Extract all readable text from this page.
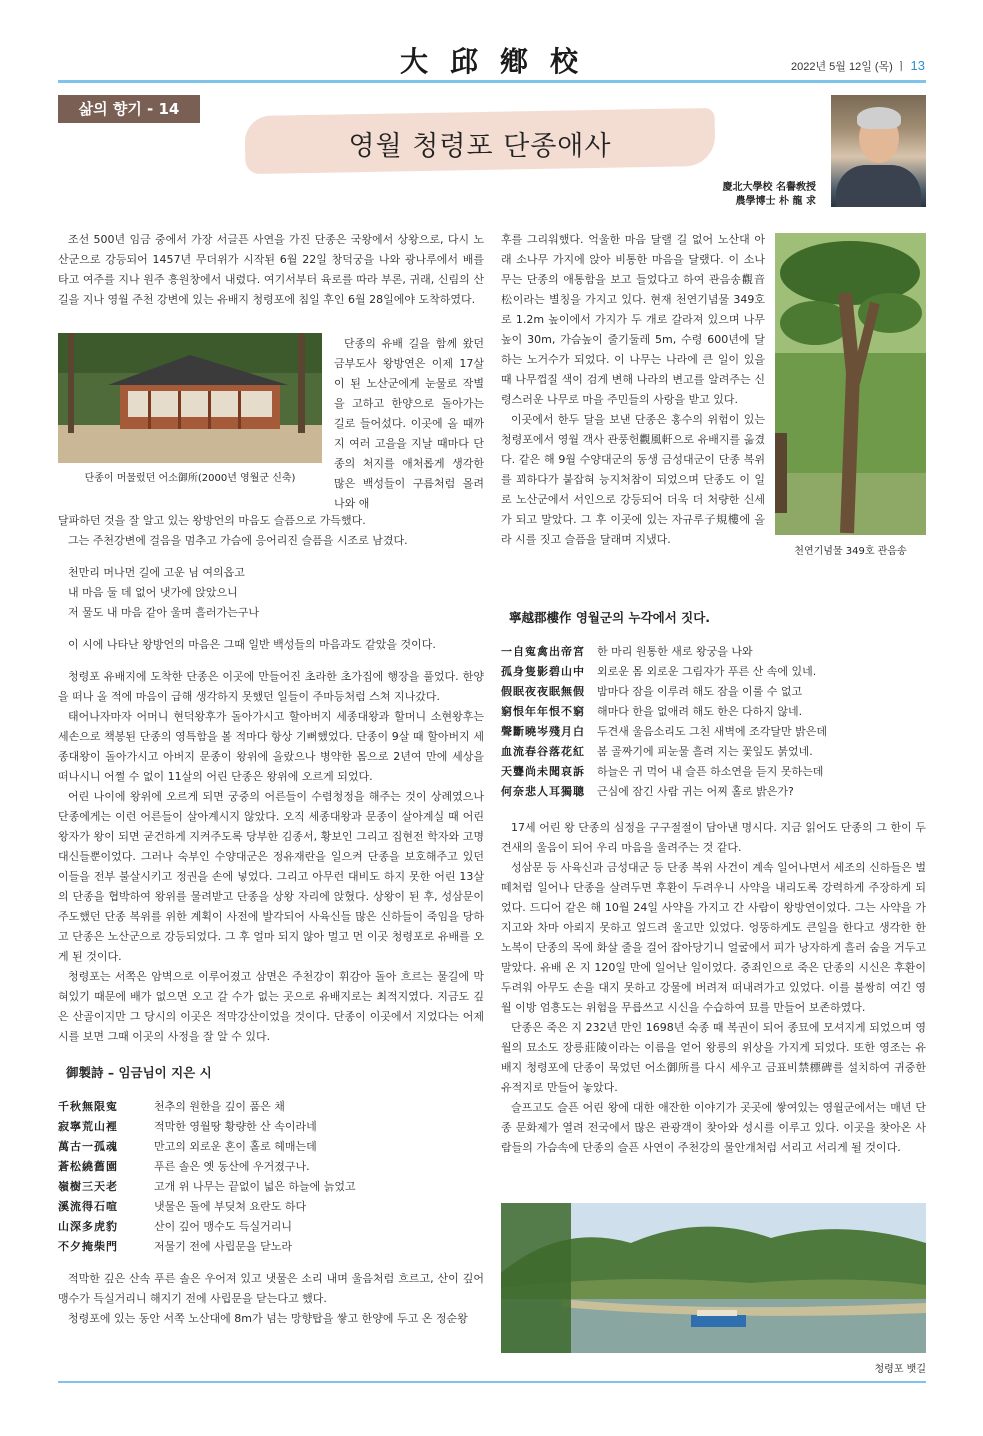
大邱鄕校	2022년 5월 12일 (목) ㅣ 13
삶의 향기 - 14
영월 청령포 단종애사
慶北大學校 名譽敎授
農學博士 朴 龍 求

조선 500년 임금 중에서 가장 서글픈 사연을 가진 단종은 국왕에서 상왕으로, 다시 노산군으로 강등되어 1457년 무더위가 시작된 6월 22일 창덕궁을 나와 광나루에서 배를 타고 여주를 지나 원주 흥원창에서 내렸다. 여기서부터 육로를 따라 부론, 귀래, 신림의 산길을 지나 영월 주천 강변에 있는 유배지 청령포에 침일 후인 6월 28일에야 도착하였다.

단종이 머물렀던 어소御所(2000년 영월군 신축)

단종의 유배 길을 함께 왔던 금부도사 왕방연은 이제 17살이 된 노산군에게 눈물로 작별을 고하고 한양으로 돌아가는 길로 들어섰다. 이곳에 올 때까지 여러 고을을 지날 때마다 단종의 처지를 애처롭게 생각한 많은 백성들이 구름처럼 몰려 나와 애

달파하던 것을 잘 알고 있는 왕방언의 마음도 슬픔으로 가득했다.

그는 주천강변에 걸음을 멈추고 가슴에 응어리진 슬픔을 시조로 남겼다.

천만리 머나먼 길에 고운 님 여의옵고
내 마음 둘 데 없어 냇가에 앉았으니
저 물도 내 마음 같아 울며 흘러가는구나

이 시에 나타난 왕방언의 마음은 그때 일반 백성들의 마음과도 같았을 것이다.

청령포 유배지에 도착한 단종은 이곳에 만들어진 초라한 초가집에 행장을 풀었다. 한양을 떠나 올 적에 마음이 급해 생각하지 못했던 일들이 주마등처럼 스쳐 지나갔다.

태어나자마자 어머니 현덕왕후가 돌아가시고 할아버지 세종대왕과 할머니 소현왕후는 세손으로 책봉된 단종의 영특함을 볼 적마다 항상 기뻐했었다. 단종이 9살 때 할아버지 세종대왕이 돌아가시고 아버지 문종이 왕위에 올랐으나 병약한 몸으로 2년여 만에 세상을 떠나시니 어쩔 수 없이 11살의 어린 단종은 왕위에 오르게 되었다.

어린 나이에 왕위에 오르게 되면 궁중의 어른들이 수렴청정을 해주는 것이 상례였으나 단종에게는 이런 어른들이 살아계시지 않았다. 오직 세종대왕과 문종이 살아계실 때 어린 왕자가 왕이 되면 굳건하게 지켜주도록 당부한 김종서, 황보인 그리고 집현전 학자와 고명대신들뿐이었다. 그러나 숙부인 수양대군은 정유재란을 일으켜 단종을 보호해주고 있던 이들을 전부 불살시키고 정권을 손에 넣었다. 그리고 아무런 대비도 하지 못한 어린 13살의 단종을 협박하여 왕위를 물려받고 단종을 상왕 자리에 앉혔다. 상왕이 된 후, 성삼문이 주도했던 단종 복위를 위한 계획이 사전에 발각되어 사육신들 많은 신하들이 죽임을 당하고 단종은 노산군으로 강등되었다. 그 후 얼마 되지 않아 멀고 먼 이곳 청령포로 유배를 오게 된 것이다.

청령포는 서쪽은 암벽으로 이루어졌고 삼면은 주천강이 휘감아 돌아 흐르는 물길에 막혀있기 때문에 배가 없으면 오고 갈 수가 없는 곳으로 유배지로는 최적지였다. 지금도 깊은 산골이지만 그 당시의 이곳은 적막강산이었을 것이다. 단종이 이곳에서 지었다는 어제시를 보면 그때 이곳의 사정을 잘 알 수 있다.

御製詩 – 임금님이 지은 시
千秋無限寃	천추의 원한을 깊이 품은 채
寂寧荒山裡	적막한 영월땅 황량한 산 속이라네
萬古一孤魂	만고의 외로운 혼이 홀로 헤매는데
蒼松繞舊園	푸른 솔은 옛 동산에 우거졌구나.
嶺樹三天老	고개 위 나무는 끝없이 넓은 하늘에 늙었고
溪流得石喧	냇물은 돌에 부딪쳐 요란도 하다
山深多虎豹	산이 깊어 맹수도 득실거리니
不夕掩柴門	저물기 전에 사립문을 닫노라

적막한 깊은 산속 푸른 솔은 우어져 있고 냇물은 소리 내며 울음처럼 흐르고, 산이 깊어 맹수가 득실거리니 해지기 전에 사립문을 닫는다고 했다.

청령포에 있는 동안 서쪽 노산대에 8m가 넘는 망향탑을 쌓고 한양에 두고 온 정순왕

후를 그리워했다. 억울한 마음 달랠 길 없어 노산대 아래 소나무 가지에 앉아 비통한 마음을 달랬다. 이 소나무는 단종의 애통함을 보고 들었다고 하여 관음송觀音松이라는 별칭을 가지고 있다. 현재 천연기념물 349호로 1.2m 높이에서 가지가 두 개로 갈라져 있으며 나무높이 30m, 가슴높이 줄기둘레 5m, 수령 600년에 달하는 노거수가 되었다. 이 나무는 나라에 큰 일이 있을 때 나무껍질 색이 검게 변해 나라의 변고를 알려주는 신령스러운 나무로 마을 주민들의 사랑을 받고 있다.

이곳에서 한두 달을 보낸 단종은 홍수의 위험이 있는 청령포에서 영월 객사 관풍헌觀風軒으로 유배지를 옮겼다. 같은 해 9월 수양대군의 동생 금성대군이 단종 복위를 꾀하다가 붙잡혀 능지처참이 되었으며 단종도 이 일로 노산군에서 서인으로 강등되어 더욱 더 처량한 신세가 되고 말았다. 그 후 이곳에 있는 자규루子規樓에 올라 시를 짓고 슬픔을 달래며 지냈다.

천연기념물 349호 관음송
寧越郡樓作 영월군의 누각에서 짓다.
一自寃禽出帝宮	한 마리 원통한 새로 왕궁을 나와
孤身隻影碧山中	외로운 몸 외로운 그림자가 푸른 산 속에 있네.
假眠夜夜眠無假	밤마다 잠을 이루려 해도 잠을 이룰 수 없고
窮恨年年恨不窮	해마다 한을 없애려 해도 한은 다하지 않네.
聲斷曉岑殘月白	두견새 울음소리도 그친 새벽에 조각달만 밝은데
血流春谷落花紅	봄 골짜기에 피눈물 흘려 지는 꽃잎도 붉었네.
天聾尚未聞哀訴	하늘은 귀 먹어 내 슬픈 하소연을 듣지 못하는데
何奈悲人耳獨聰	근심에 잠긴 사람 귀는 어찌 홀로 밝은가?

17세 어린 왕 단종의 심정을 구구절절이 담아낸 명시다. 지금 읽어도 단종의 그 한이 두견새의 울음이 되어 우리 마음을 울려주는 것 같다.

성삼문 등 사육신과 금성대군 등 단종 복위 사건이 계속 일어나면서 세조의 신하들은 벌떼처럼 일어나 단종을 살려두면 후환이 두려우니 사약을 내리도록 강력하게 주장하게 되었다. 드디어 같은 해 10월 24일 사약을 가지고 간 사람이 왕방연이었다. 그는 사약을 가지고와 차마 아뢰지 못하고 엎드려 울고만 있었다. 엉뚱하게도 큰일을 한다고 생각한 한 노복이 단종의 목에 화살 줄을 걸어 잡아당기니 얼굴에서 피가 낭자하게 흘러 숨을 거두고 말았다. 유배 온 지 120일 만에 일어난 일이었다. 중죄인으로 죽은 단종의 시신은 후환이 두려워 아무도 손을 대지 못하고 강물에 버려져 떠내려가고 있었다. 이를 불쌍히 여긴 영월 이방 엄흥도는 위험을 무릅쓰고 시신을 수습하여 묘를 만들어 보존하였다.

단종은 죽은 지 232년 만인 1698년 숙종 때 복권이 되어 종묘에 모셔지게 되었으며 영월의 묘소도 장릉莊陵이라는 이름을 얻어 왕릉의 위상을 가지게 되었다. 또한 영조는 유배지 청령포에 단종이 묵었던 어소御所를 다시 세우고 금표비禁標碑를 설치하여 귀중한 유적지로 만들어 놓았다.

슬프고도 슬픈 어린 왕에 대한 애잔한 이야기가 곳곳에 쌓여있는 영월군에서는 매년 단종 문화제가 열려 전국에서 많은 관광객이 찾아와 성시를 이루고 있다. 이곳을 찾아온 사람들의 가슴속에 단종의 슬픈 사연이 주천강의 물안개처럼 서리고 서리게 될 것이다.

청령포 뱃길
